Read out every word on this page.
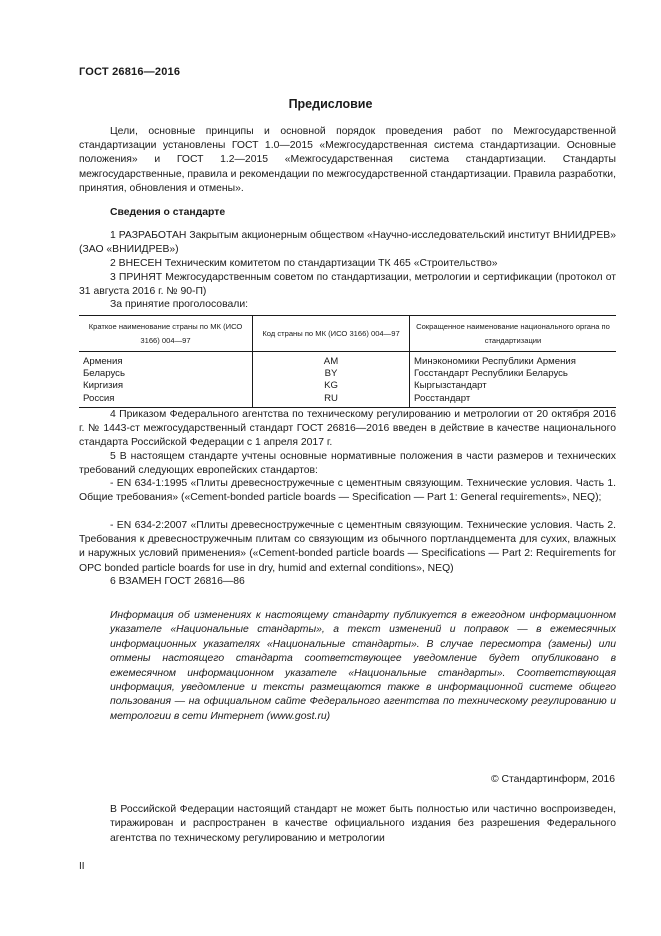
ГОСТ 26816—2016
Предисловие

Цели, основные принципы и основной порядок проведения работ по Межгосударственной стандартизации установлены ГОСТ 1.0—2015 «Межгосударственная система стандартизации. Основные положения» и ГОСТ 1.2—2015 «Межгосударственная система стандартизации. Стандарты межгосударственные, правила и рекомендации по межгосударственной стандартизации. Правила разработки, принятия, обновления и отмены».

Сведения о стандарте

1 РАЗРАБОТАН Закрытым акционерным обществом «Научно-исследовательский институт ВНИИДРЕВ» (ЗАО «ВНИИДРЕВ»)

2 ВНЕСЕН Техническим комитетом по стандартизации ТК 465 «Строительство»

3 ПРИНЯТ Межгосударственным советом по стандартизации, метрологии и сертификации (протокол от 31 августа 2016 г. № 90-П)

За принятие проголосовали:

Краткое наименование страны по МК (ИСО 3166) 004—97	Код страны по МК (ИСО 3166) 004—97	Сокращенное наименование национального органа по стандартизации
Армения	AM	Минэкономики Республики Армения
Беларусь	BY	Госстандарт Республики Беларусь
Киргизия	KG	Кыргызстандарт
Россия	RU	Росстандарт

4 Приказом Федерального агентства по техническому регулированию и метрологии от 20 октября 2016 г. № 1443-ст межгосударственный стандарт ГОСТ 26816—2016 введен в действие в качестве национального стандарта Российской Федерации с 1 апреля 2017 г.

5 В настоящем стандарте учтены основные нормативные положения в части размеров и технических требований следующих европейских стандартов:

- EN 634-1:1995 «Плиты древесностружечные с цементным связующим. Технические условия. Часть 1. Общие требования» («Cement-bonded particle boards — Specification — Part 1: General requirements», NEQ);

- EN 634-2:2007 «Плиты древесностружечные с цементным связующим. Технические условия. Часть 2. Требования к древесностружечным плитам со связующим из обычного портландцемента для сухих, влажных и наружных условий применения» («Cement-bonded particle boards — Specifications — Part 2: Requirements for OPC bonded particle boards for use in dry, humid and external conditions», NEQ)

6 ВЗАМЕН ГОСТ 26816—86

Информация об изменениях к настоящему стандарту публикуется в ежегодном информационном указателе «Национальные стандарты», а текст изменений и поправок — в ежемесячных информационных указателях «Национальные стандарты». В случае пересмотра (замены) или отмены настоящего стандарта соответствующее уведомление будет опубликовано в ежемесячном информационном указателе «Национальные стандарты». Соответствующая информация, уведомление и тексты размещаются также в информационной системе общего пользования — на официальном сайте Федерального агентства по техническому регулированию и метрологии в сети Интернет (www.gost.ru)

© Стандартинформ, 2016

В Российской Федерации настоящий стандарт не может быть полностью или частично воспроизведен, тиражирован и распространен в качестве официального издания без разрешения Федерального агентства по техническому регулированию и метрологии

II
